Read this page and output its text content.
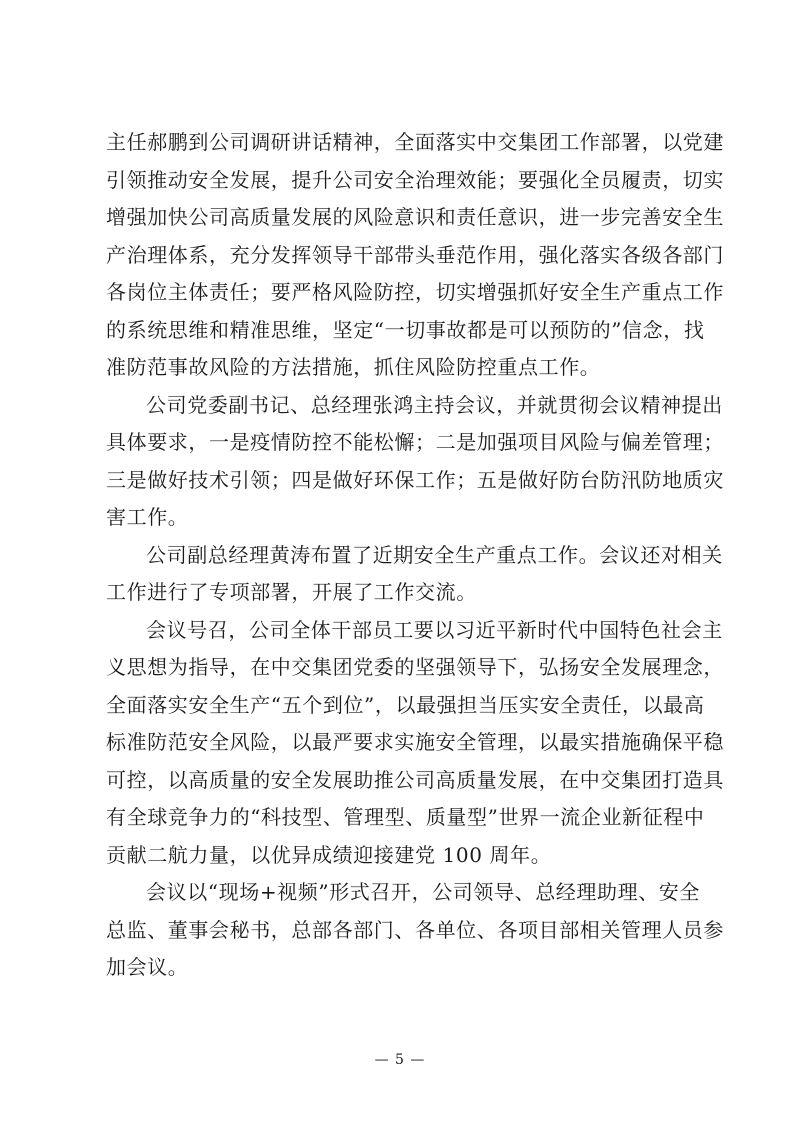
主任郝鹏到公司调研讲话精神，全面落实中交集团工作部署，以党建
引领推动安全发展，提升公司安全治理效能；要强化全员履责，切实
增强加快公司高质量发展的风险意识和责任意识，进一步完善安全生
产治理体系，充分发挥领导干部带头垂范作用，强化落实各级各部门
各岗位主体责任；要严格风险防控，切实增强抓好安全生产重点工作
的系统思维和精准思维，坚定“一切事故都是可以预防的”信念，找
准防范事故风险的方法措施，抓住风险防控重点工作。
公司党委副书记、总经理张鸿主持会议，并就贯彻会议精神提出
具体要求，一是疫情防控不能松懈；二是加强项目风险与偏差管理；
三是做好技术引领；四是做好环保工作；五是做好防台防汛防地质灾
害工作。
公司副总经理黄涛布置了近期安全生产重点工作。会议还对相关
工作进行了专项部署，开展了工作交流。
会议号召，公司全体干部员工要以习近平新时代中国特色社会主
义思想为指导，在中交集团党委的坚强领导下，弘扬安全发展理念，
全面落实安全生产“五个到位”，以最强担当压实安全责任，以最高
标准防范安全风险，以最严要求实施安全管理，以最实措施确保平稳
可控，以高质量的安全发展助推公司高质量发展，在中交集团打造具
有全球竞争力的“科技型、管理型、质量型”世界一流企业新征程中
贡献二航力量，以优异成绩迎接建党 100 周年。
会议以“现场+视频”形式召开，公司领导、总经理助理、安全
总监、董事会秘书，总部各部门、各单位、各项目部相关管理人员参
加会议。
— 5 —
